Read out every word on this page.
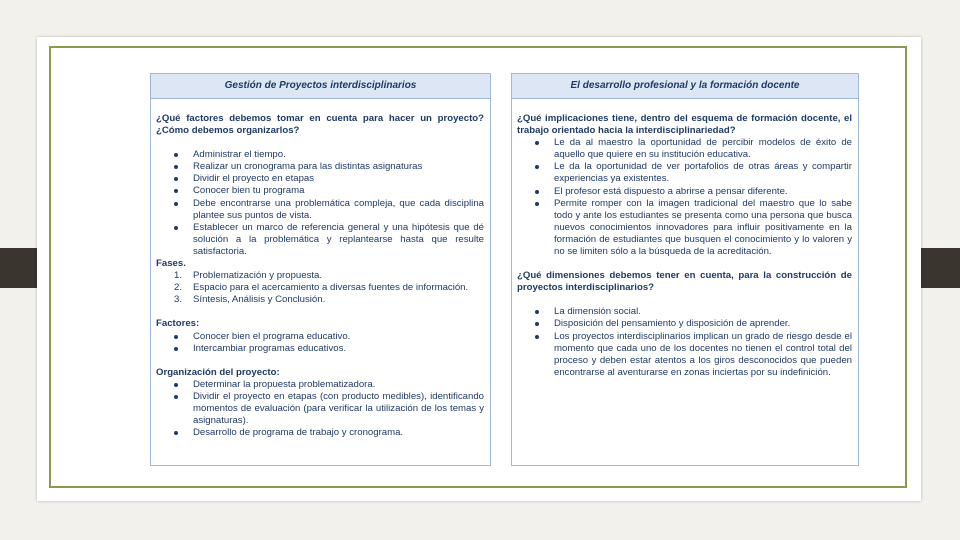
Gestión de Proyectos interdisciplinarios

¿Qué factores debemos tomar en cuenta para hacer un proyecto? ¿Cómo debemos organizarlos?

Administrar el tiempo.
Realizar un cronograma para las distintas asignaturas
Dividir el proyecto en etapas
Conocer bien tu programa
Debe encontrarse una problemática compleja, que cada disciplina plantee sus puntos de vista.
Establecer un marco de referencia general y una hipótesis que dé solución a la problemática y replantearse hasta que resulte satisfactoria.

Fases.

1. Problematización y propuesta.
2. Espacio para el acercamiento a diversas fuentes de información.
3. Síntesis, Análisis y Conclusión.

Factores:

Conocer bien el programa educativo.
Intercambiar programas educativos.

Organización del proyecto:

Determinar la propuesta problematizadora.
Dividir el proyecto en etapas (con producto medibles), identificando momentos de evaluación (para verificar la utilización de los temas y asignaturas).
Desarrollo de programa de trabajo y cronograma.
El desarrollo profesional y la formación docente

¿Qué implicaciones tiene, dentro del esquema de formación docente, el trabajo orientado hacia la interdisciplinariedad?

Le da al maestro la oportunidad de percibir modelos de éxito de aquello que quiere en su institución educativa.
Le da la oportunidad de ver portafolios de otras áreas y compartir experiencias ya existentes.
El profesor está dispuesto a abrirse a pensar diferente.
Permite romper con la imagen tradicional del maestro que lo sabe todo y ante los estudiantes se presenta como una persona que busca nuevos conocimientos innovadores para influir positivamente en la formación de estudiantes que busquen el conocimiento y lo valoren y no se limiten sólo a la búsqueda de la acreditación.

¿Qué dimensiones debemos tener en cuenta, para la construcción de proyectos interdisciplinarios?

La dimensión social.
Disposición del pensamiento y disposición de aprender.
Los proyectos interdisciplinarios implican un grado de riesgo desde el momento que cada uno de los docentes no tienen el control total del proceso y deben estar atentos a los giros desconocidos que pueden encontrarse al aventurarse en zonas inciertas por su indefinición.
